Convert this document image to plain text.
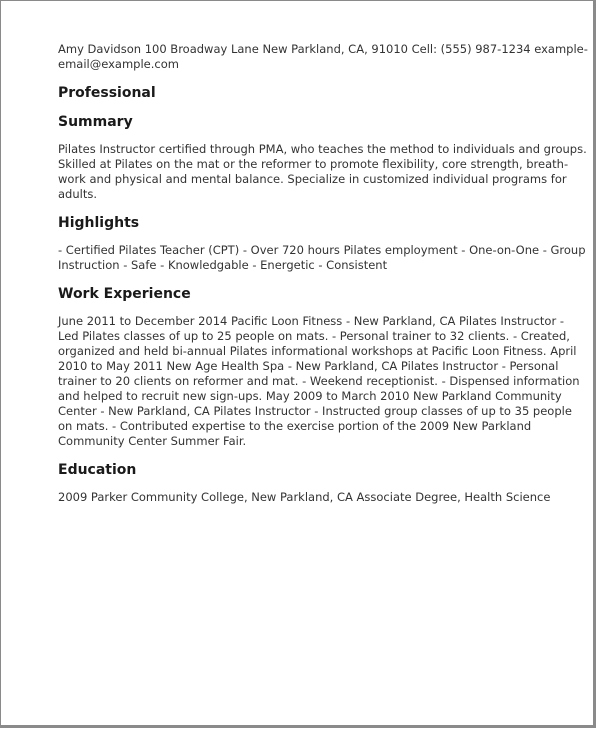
Amy Davidson 100 Broadway Lane New Parkland, CA, 91010 Cell: (555) 987-1234 example-email@example.com

Professional
Summary

Pilates Instructor certified through PMA, who teaches the method to individuals and groups. Skilled at Pilates on the mat or the reformer to promote flexibility, core strength, breath-work and physical and mental balance. Specialize in customized individual programs for adults.

Highlights

- Certified Pilates Teacher (CPT) - Over 720 hours Pilates employment - One-on-One - Group Instruction - Safe - Knowledgable - Energetic - Consistent

Work Experience

June 2011 to December 2014 Pacific Loon Fitness - New Parkland, CA Pilates Instructor - Led Pilates classes of up to 25 people on mats. - Personal trainer to 32 clients. - Created, organized and held bi-annual Pilates informational workshops at Pacific Loon Fitness. April 2010 to May 2011 New Age Health Spa - New Parkland, CA Pilates Instructor - Personal trainer to 20 clients on reformer and mat. - Weekend receptionist. - Dispensed information and helped to recruit new sign-ups. May 2009 to March 2010 New Parkland Community Center - New Parkland, CA Pilates Instructor - Instructed group classes of up to 35 people on mats. - Contributed expertise to the exercise portion of the 2009 New Parkland Community Center Summer Fair.

Education

2009 Parker Community College, New Parkland, CA Associate Degree, Health Science
